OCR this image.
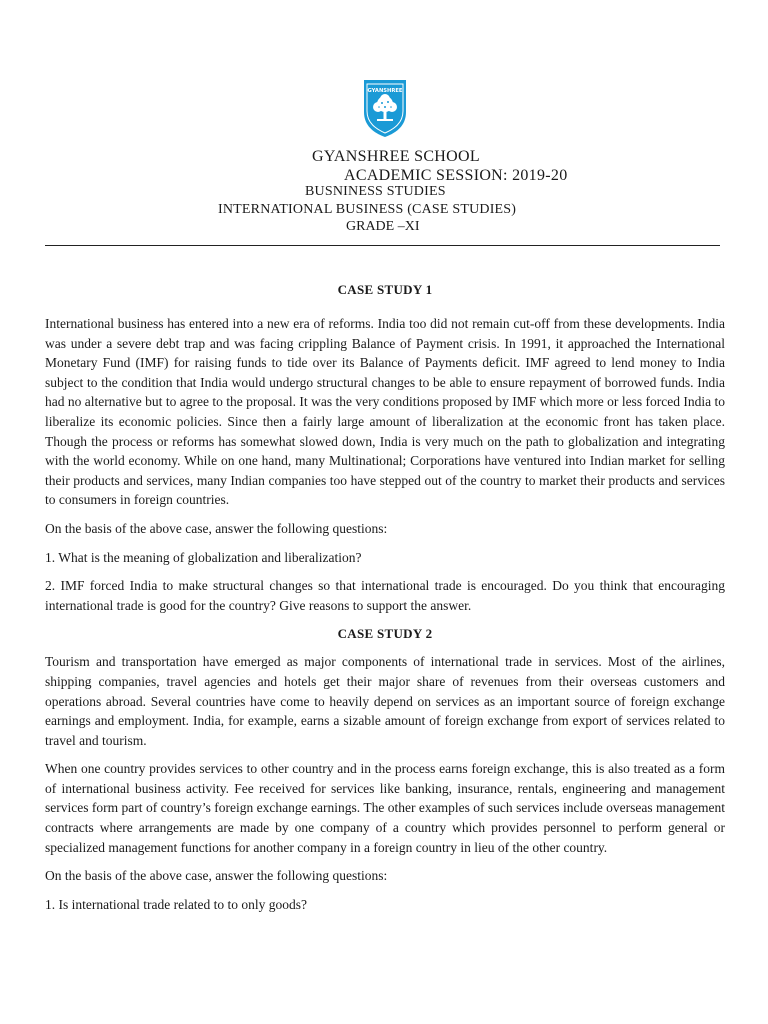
GYANSHREE

GYANSHREE SCHOOL

ACADEMIC SESSION: 2019-20

BUSNINESS STUDIES

INTERNATIONAL BUSINESS (CASE STUDIES)

GRADE –XI

CASE STUDY 1

International business has entered into a new era of reforms. India too did not remain cut-off from these developments. India was under a severe debt trap and was facing crippling Balance of Payment crisis. In 1991, it approached the International Monetary Fund (IMF) for raising funds to tide over its Balance of Payments deficit. IMF agreed to lend money to India subject to the condition that India would undergo structural changes to be able to ensure repayment of borrowed funds. India had no alternative but to agree to the proposal. It was the very conditions proposed by IMF which more or less forced India to liberalize its economic policies. Since then a fairly large amount of liberalization at the economic front has taken place. Though the process or reforms has somewhat slowed down, India is very much on the path to globalization and integrating with the world economy. While on one hand, many Multinational; Corporations have ventured into Indian market for selling their products and services, many Indian companies too have stepped out of the country to market their products and services to consumers in foreign countries.

On the basis of the above case, answer the following questions:

1. What is the meaning of globalization and liberalization?

2. IMF forced India to make structural changes so that international trade is encouraged. Do you think that encouraging international trade is good for the country? Give reasons to support the answer.

CASE STUDY 2

Tourism and transportation have emerged as major components of international trade in services. Most of the airlines, shipping companies, travel agencies and hotels get their major share of revenues from their overseas customers and operations abroad. Several countries have come to heavily depend on services as an important source of foreign exchange earnings and employment. India, for example, earns a sizable amount of foreign exchange from export of services related to travel and tourism.

When one country provides services to other country and in the process earns foreign exchange, this is also treated as a form of international business activity. Fee received for services like banking, insurance, rentals, engineering and management services form part of country’s foreign exchange earnings. The other examples of such services include overseas management contracts where arrangements are made by one company of a country which provides personnel to perform general or specialized management functions for another company in a foreign country in lieu of the other country.

On the basis of the above case, answer the following questions:

1. Is international trade related to to only goods?
